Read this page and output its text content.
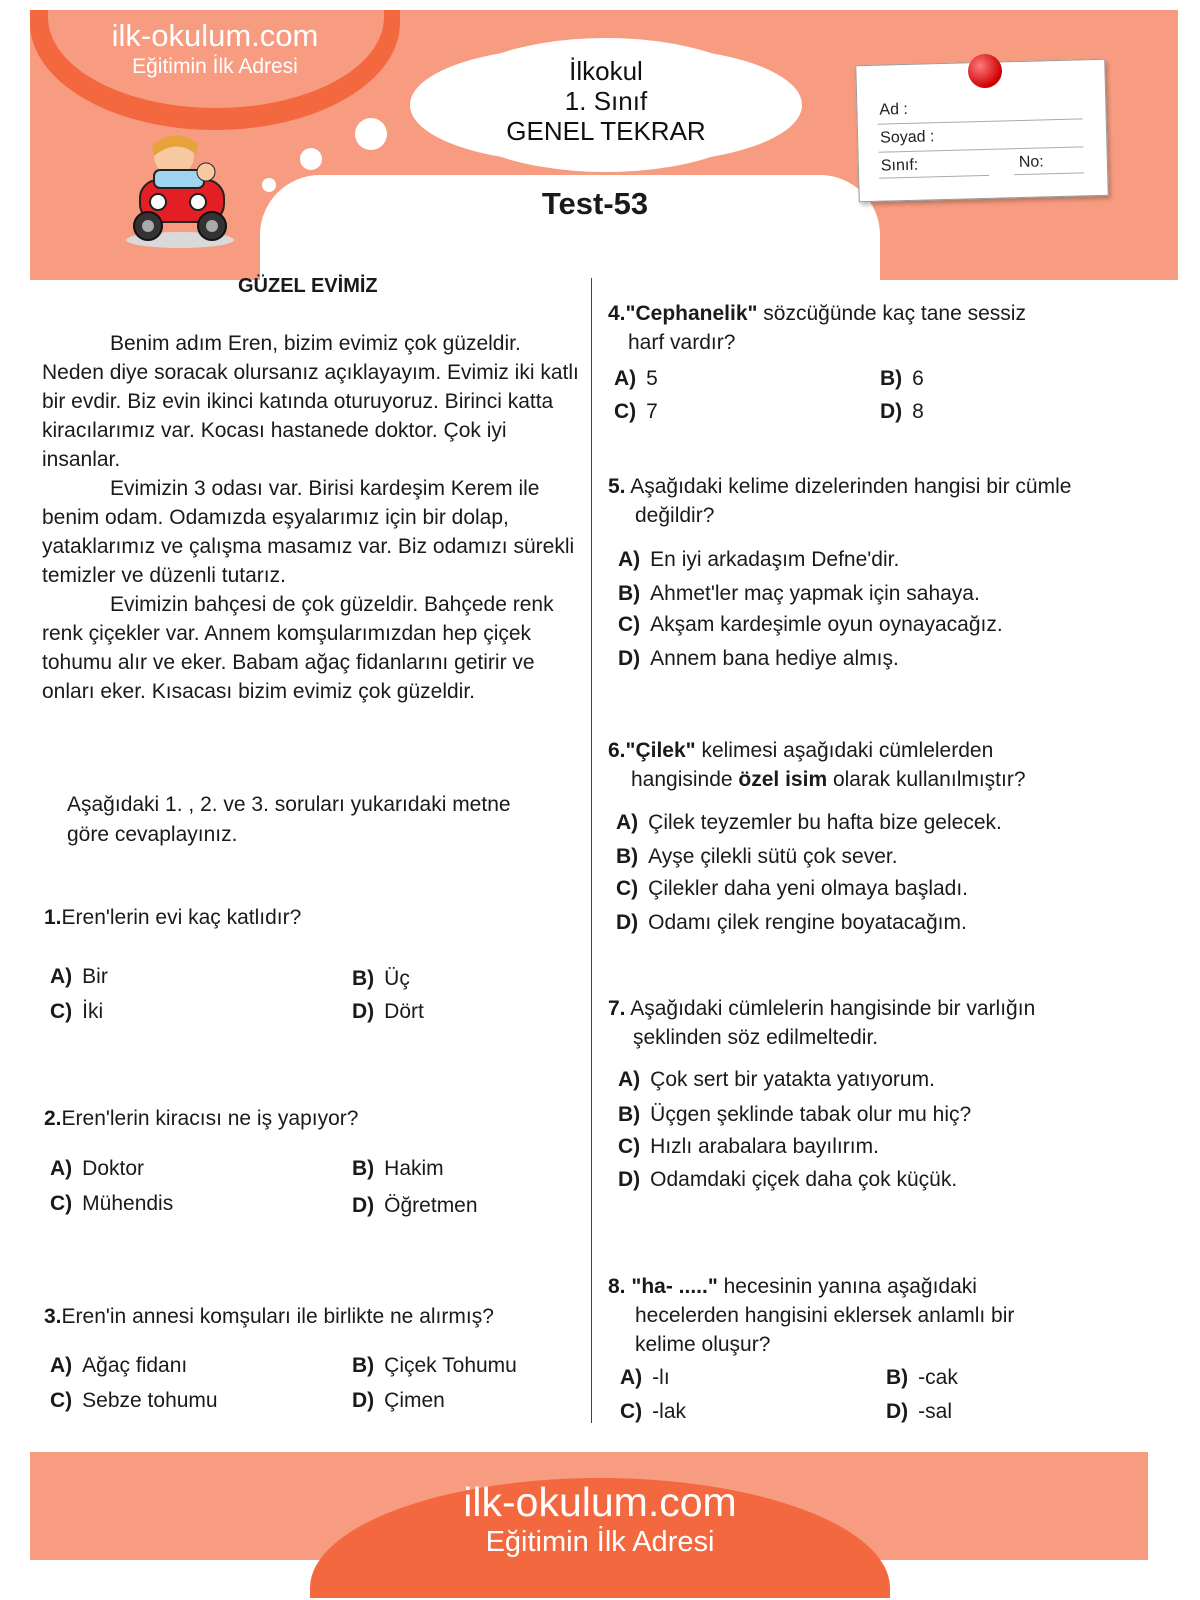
ilk-okulum.com
Eğitimin İlk Adresi	İlkokul
1. Sınıf
GENEL TEKRAR
Ad :
Soyad :
Sınıf:	No:
Test-53
GÜZEL EVİMİZ

Benim adım Eren, bizim evimiz çok güzeldir. Neden diye soracak olursanız açıklayayım. Evimiz iki katlı bir evdir. Biz evin ikinci katında oturuyoruz. Birinci katta kiracılarımız var. Kocası hastanede doktor. Çok iyi insanlar.

Evimizin 3 odası var. Birisi kardeşim Kerem ile benim odam. Odamızda eşyalarımız için bir dolap, yataklarımız ve çalışma masamız var. Biz odamızı sürekli temizler ve düzenli tutarız.

Evimizin bahçesi de çok güzeldir. Bahçede renk renk çiçekler var. Annem komşularımızdan hep çiçek tohumu alır ve eker. Babam ağaç fidanlarını getirir ve onları eker. Kısacası bizim evimiz çok güzeldir.

Aşağıdaki 1. , 2. ve 3. soruları yukarıdaki metne göre cevaplayınız.
1.Eren'lerin evi kaç katlıdır?
A) Bir	B) Üç
C) İki	D) Dört
2.Eren'lerin kiracısı ne iş yapıyor?
A) Doktor	B) Hakim
C) Mühendis	D) Öğretmen
3.Eren'in annesi komşuları ile birlikte ne alırmış?
A) Ağaç fidanı	B) Çiçek Tohumu
C) Sebze tohumu	D) Çimen
4."Cephanelik" sözcüğünde kaç tane sessiz
harf vardır?
A) 5	B) 6
C) 7	D) 8
5. Aşağıdaki kelime dizelerinden hangisi bir cümle
değildir?
A) En iyi arkadaşım Defne'dir.
B) Ahmet'ler maç yapmak için sahaya.
C) Akşam kardeşimle oyun oynayacağız.
D) Annem bana hediye almış.
6."Çilek" kelimesi aşağıdaki cümlelerden
hangisinde özel isim olarak kullanılmıştır?
A) Çilek teyzemler bu hafta bize gelecek.
B) Ayşe çilekli sütü çok sever.
C) Çilekler daha yeni olmaya başladı.
D) Odamı çilek rengine boyatacağım.
7. Aşağıdaki cümlelerin hangisinde bir varlığın
şeklinden söz edilmeltedir.
A) Çok sert bir yatakta yatıyorum.
B) Üçgen şeklinde tabak olur mu hiç?
C) Hızlı arabalara bayılırım.
D) Odamdaki çiçek daha çok küçük.
8. "ha- ....." hecesinin yanına aşağıdaki
hecelerden hangisini eklersek anlamlı bir
kelime oluşur?
A) -lı	B) -cak
C) -lak	D) -sal
ilk-okulum.com
Eğitimin İlk Adresi
